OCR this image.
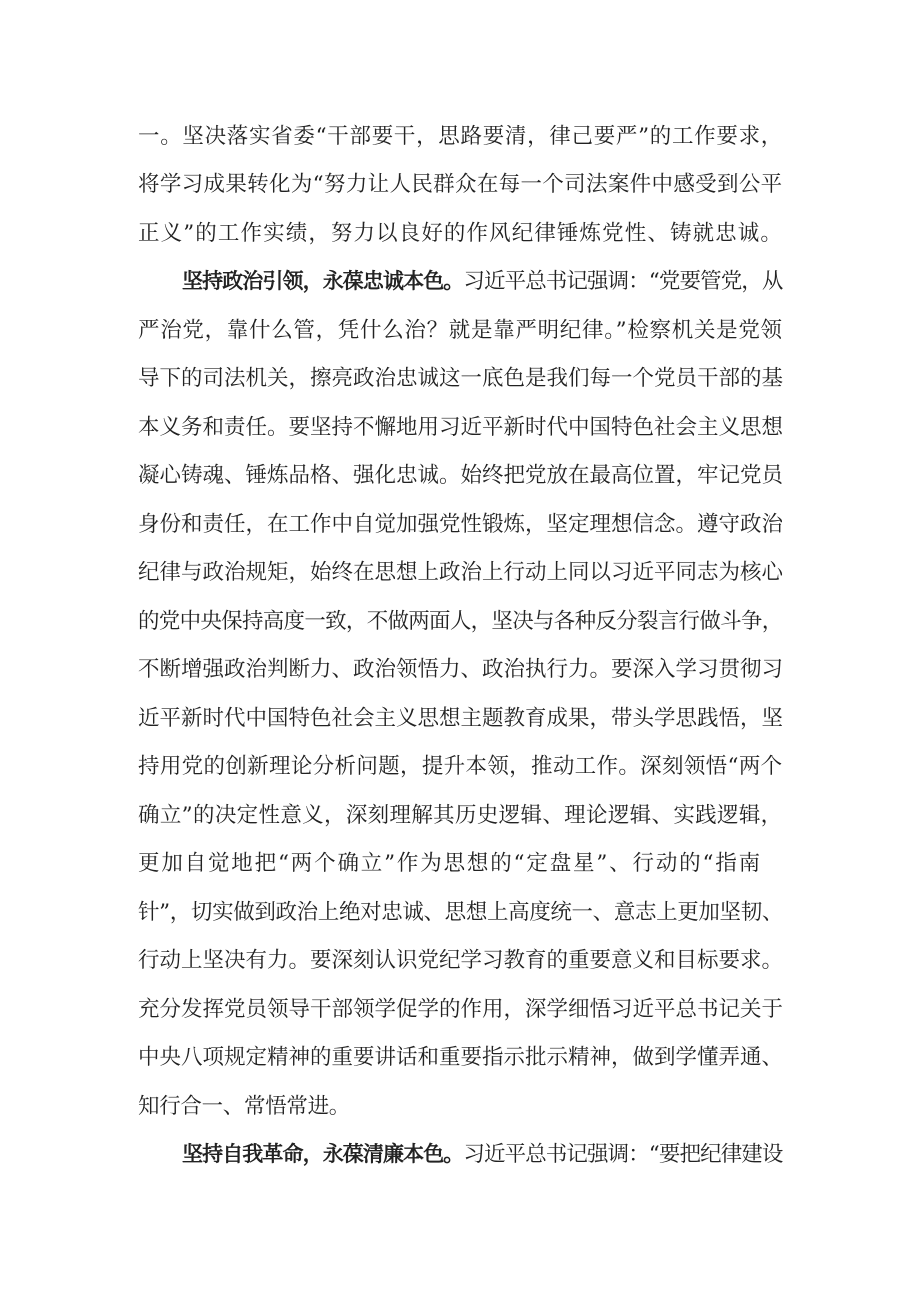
一。坚决落实省委“干部要干，思路要清，律己要严”的工作要求，
将学习成果转化为“努力让人民群众在每一个司法案件中感受到公平
正义”的工作实绩，努力以良好的作风纪律锤炼党性、铸就忠诚。
坚持政治引领，永葆忠诚本色。习近平总书记强调：“党要管党，从
严治党，靠什么管，凭什么治？就是靠严明纪律。”检察机关是党领
导下的司法机关，擦亮政治忠诚这一底色是我们每一个党员干部的基
本义务和责任。要坚持不懈地用习近平新时代中国特色社会主义思想
凝心铸魂、锤炼品格、强化忠诚。始终把党放在最高位置，牢记党员
身份和责任，在工作中自觉加强党性锻炼，坚定理想信念。遵守政治
纪律与政治规矩，始终在思想上政治上行动上同以习近平同志为核心
的党中央保持高度一致，不做两面人，坚决与各种反分裂言行做斗争，
不断增强政治判断力、政治领悟力、政治执行力。要深入学习贯彻习
近平新时代中国特色社会主义思想主题教育成果，带头学思践悟，坚
持用党的创新理论分析问题，提升本领，推动工作。深刻领悟“两个
确立”的决定性意义，深刻理解其历史逻辑、理论逻辑、实践逻辑，
更加自觉地把“两个确立”作为思想的“定盘星”、行动的“指南
针”，切实做到政治上绝对忠诚、思想上高度统一、意志上更加坚韧、
行动上坚决有力。要深刻认识党纪学习教育的重要意义和目标要求。
充分发挥党员领导干部领学促学的作用，深学细悟习近平总书记关于
中央八项规定精神的重要讲话和重要指示批示精神，做到学懂弄通、
知行合一、常悟常进。
坚持自我革命，永葆清廉本色。习近平总书记强调：“要把纪律建设
